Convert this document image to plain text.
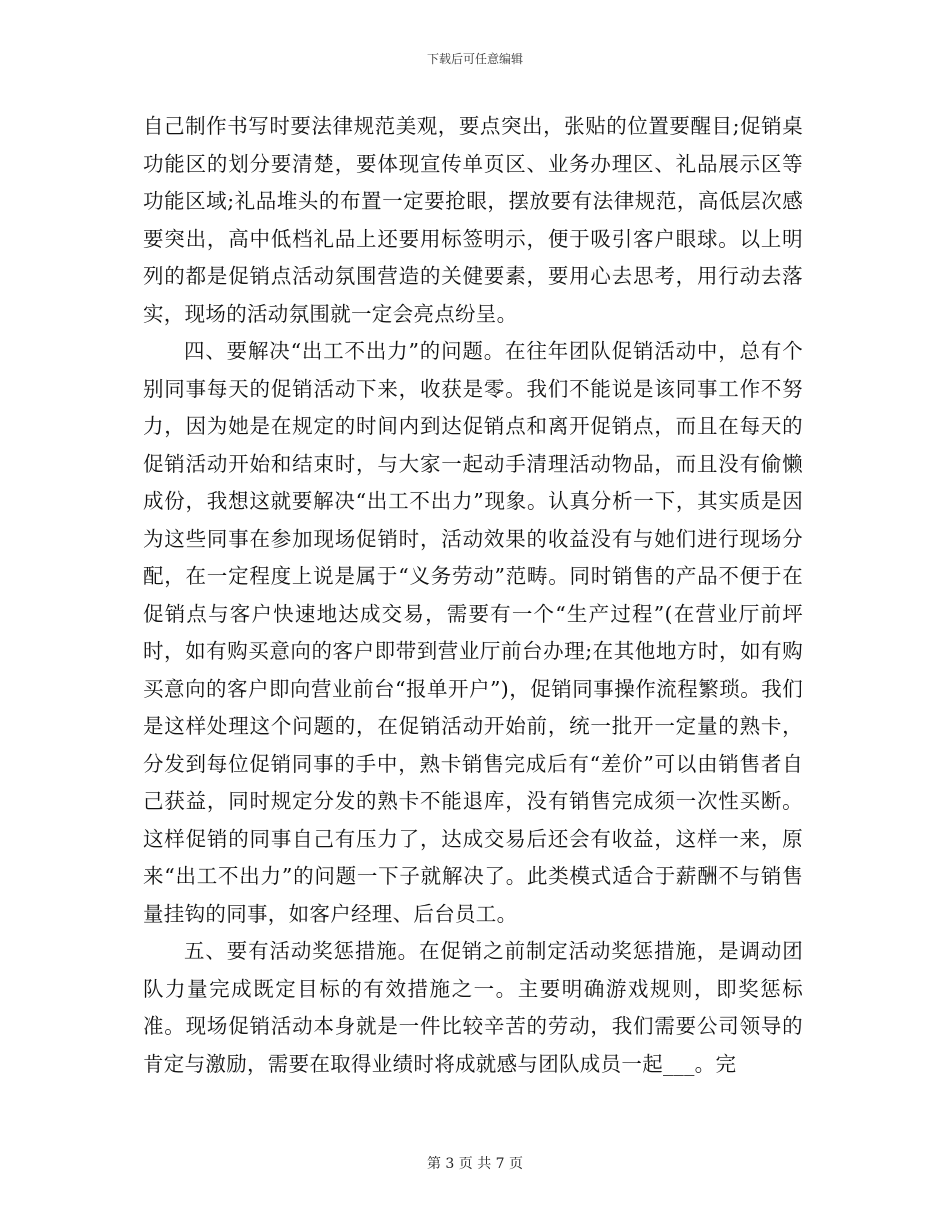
下载后可任意编辑

自己制作书写时要法律规范美观，要点突出，张贴的位置要醒目;促销桌功能区的划分要清楚，要体现宣传单页区、业务办理区、礼品展示区等功能区域;礼品堆头的布置一定要抢眼，摆放要有法律规范，高低层次感要突出，高中低档礼品上还要用标签明示，便于吸引客户眼球。以上明列的都是促销点活动氛围营造的关健要素，要用心去思考，用行动去落实，现场的活动氛围就一定会亮点纷呈。

四、要解决“出工不出力”的问题。在往年团队促销活动中，总有个别同事每天的促销活动下来，收获是零。我们不能说是该同事工作不努力，因为她是在规定的时间内到达促销点和离开促销点，而且在每天的促销活动开始和结束时，与大家一起动手清理活动物品，而且没有偷懒成份，我想这就要解决“出工不出力”现象。认真分析一下，其实质是因为这些同事在参加现场促销时，活动效果的收益没有与她们进行现场分配，在一定程度上说是属于“义务劳动”范畴。同时销售的产品不便于在促销点与客户快速地达成交易，需要有一个“生产过程”(在营业厅前坪时，如有购买意向的客户即带到营业厅前台办理;在其他地方时，如有购买意向的客户即向营业前台“报单开户”)，促销同事操作流程繁琐。我们是这样处理这个问题的，在促销活动开始前，统一批开一定量的熟卡，分发到每位促销同事的手中，熟卡销售完成后有“差价”可以由销售者自己获益，同时规定分发的熟卡不能退库，没有销售完成须一次性买断。这样促销的同事自己有压力了，达成交易后还会有收益，这样一来，原来“出工不出力”的问题一下子就解决了。此类模式适合于薪酬不与销售量挂钩的同事，如客户经理、后台员工。

五、要有活动奖惩措施。在促销之前制定活动奖惩措施，是调动团队力量完成既定目标的有效措施之一。主要明确游戏规则，即奖惩标准。现场促销活动本身就是一件比较辛苦的劳动，我们需要公司领导的肯定与激励，需要在取得业绩时将成就感与团队成员一起___。完

第 3 页 共 7 页
